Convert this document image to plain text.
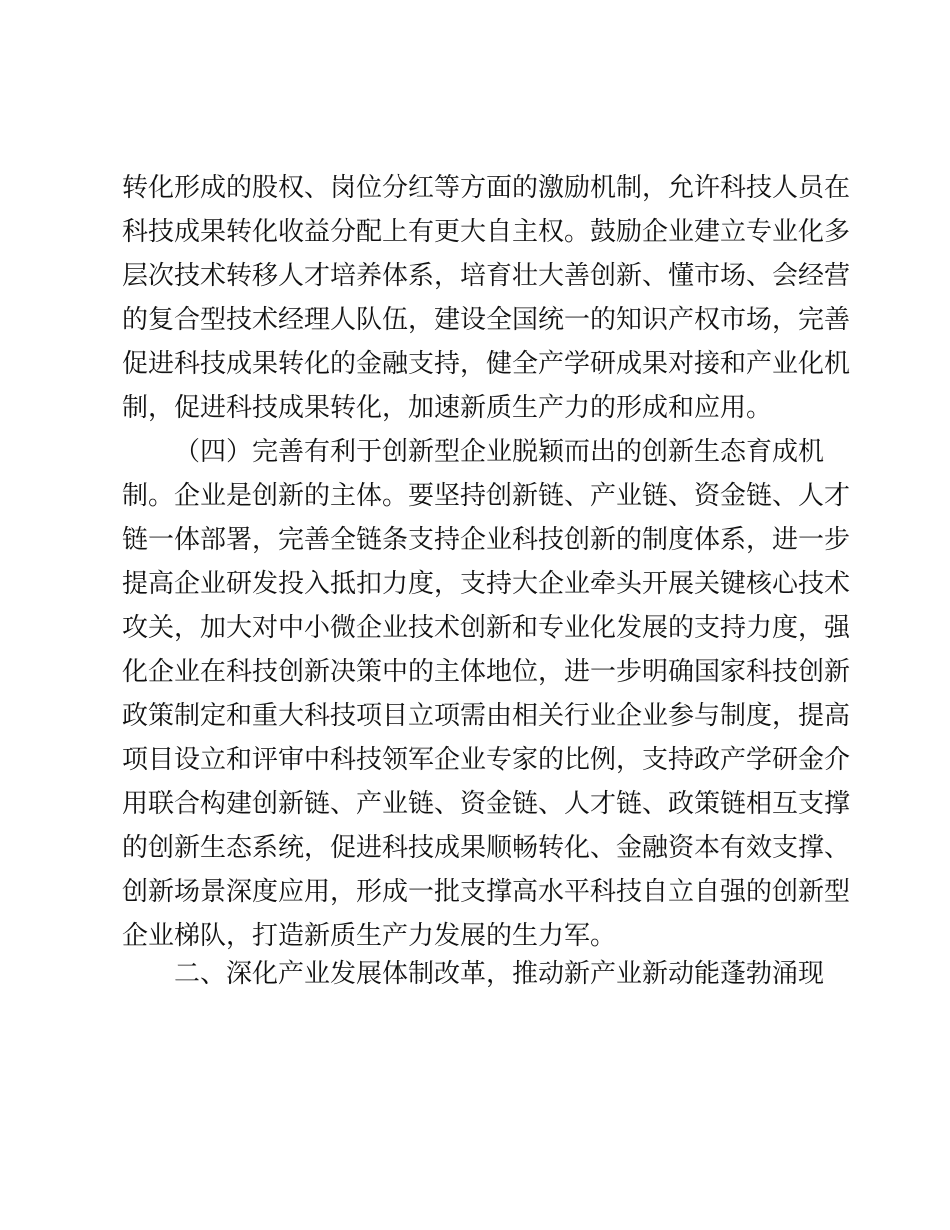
转化形成的股权、岗位分红等方面的激励机制，允许科技人员在

科技成果转化收益分配上有更大自主权。鼓励企业建立专业化多

层次技术转移人才培养体系，培育壮大善创新、懂市场、会经营

的复合型技术经理人队伍，建设全国统一的知识产权市场，完善

促进科技成果转化的金融支持，健全产学研成果对接和产业化机

制，促进科技成果转化，加速新质生产力的形成和应用。

（四）完善有利于创新型企业脱颖而出的创新生态育成机

制。企业是创新的主体。要坚持创新链、产业链、资金链、人才

链一体部署，完善全链条支持企业科技创新的制度体系，进一步

提高企业研发投入抵扣力度，支持大企业牵头开展关键核心技术

攻关，加大对中小微企业技术创新和专业化发展的支持力度，强

化企业在科技创新决策中的主体地位，进一步明确国家科技创新

政策制定和重大科技项目立项需由相关行业企业参与制度，提高

项目设立和评审中科技领军企业专家的比例，支持政产学研金介

用联合构建创新链、产业链、资金链、人才链、政策链相互支撑

的创新生态系统，促进科技成果顺畅转化、金融资本有效支撑、

创新场景深度应用，形成一批支撑高水平科技自立自强的创新型

企业梯队，打造新质生产力发展的生力军。

二、深化产业发展体制改革，推动新产业新动能蓬勃涌现
